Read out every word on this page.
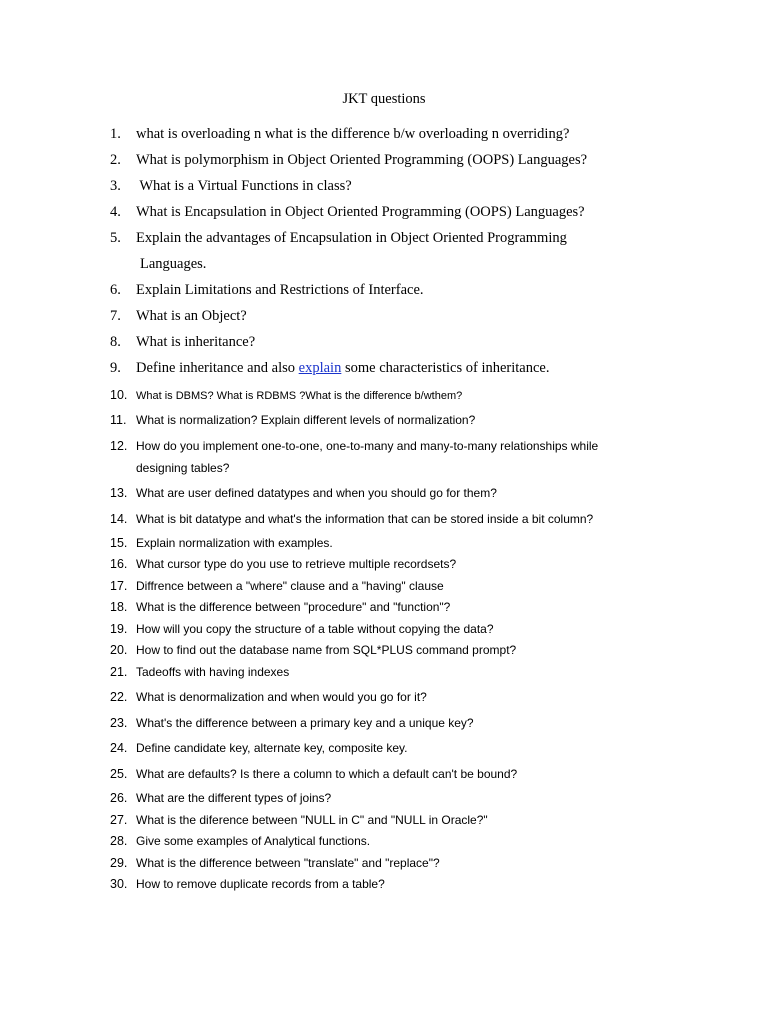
JKT questions
1. what is overloading n what is the difference b/w overloading n overriding?
2. What is polymorphism in Object Oriented Programming (OOPS) Languages?
3. What is a Virtual Functions in class?
4. What is Encapsulation in Object Oriented Programming (OOPS) Languages?
5. Explain the advantages of Encapsulation in Object Oriented Programming
Languages.
6. Explain Limitations and Restrictions of Interface.
7. What is an Object?
8. What is inheritance?
9. Define inheritance and also explain some characteristics of inheritance.
10. What is DBMS? What is RDBMS ?What is the difference b/wthem?
11. What is normalization? Explain different levels of normalization?
12. How do you implement one-to-one, one-to-many and many-to-many relationships while
designing tables?
13. What are user defined datatypes and when you should go for them?
14. What is bit datatype and what's the information that can be stored inside a bit column?
15. Explain normalization with examples.
16. What cursor type do you use to retrieve multiple recordsets?
17. Diffrence between a "where" clause and a "having" clause
18. What is the difference between "procedure" and "function"?
19. How will you copy the structure of a table without copying the data?
20. How to find out the database name from SQL*PLUS command prompt?
21. Tadeoffs with having indexes
22. What is denormalization and when would you go for it?
23. What's the difference between a primary key and a unique key?
24. Define candidate key, alternate key, composite key.
25. What are defaults? Is there a column to which a default can't be bound?
26. What are the different types of joins?
27. What is the diference between "NULL in C" and "NULL in Oracle?"
28. Give some examples of Analytical functions.
29. What is the difference between "translate" and "replace"?
30. How to remove duplicate records from a table?
